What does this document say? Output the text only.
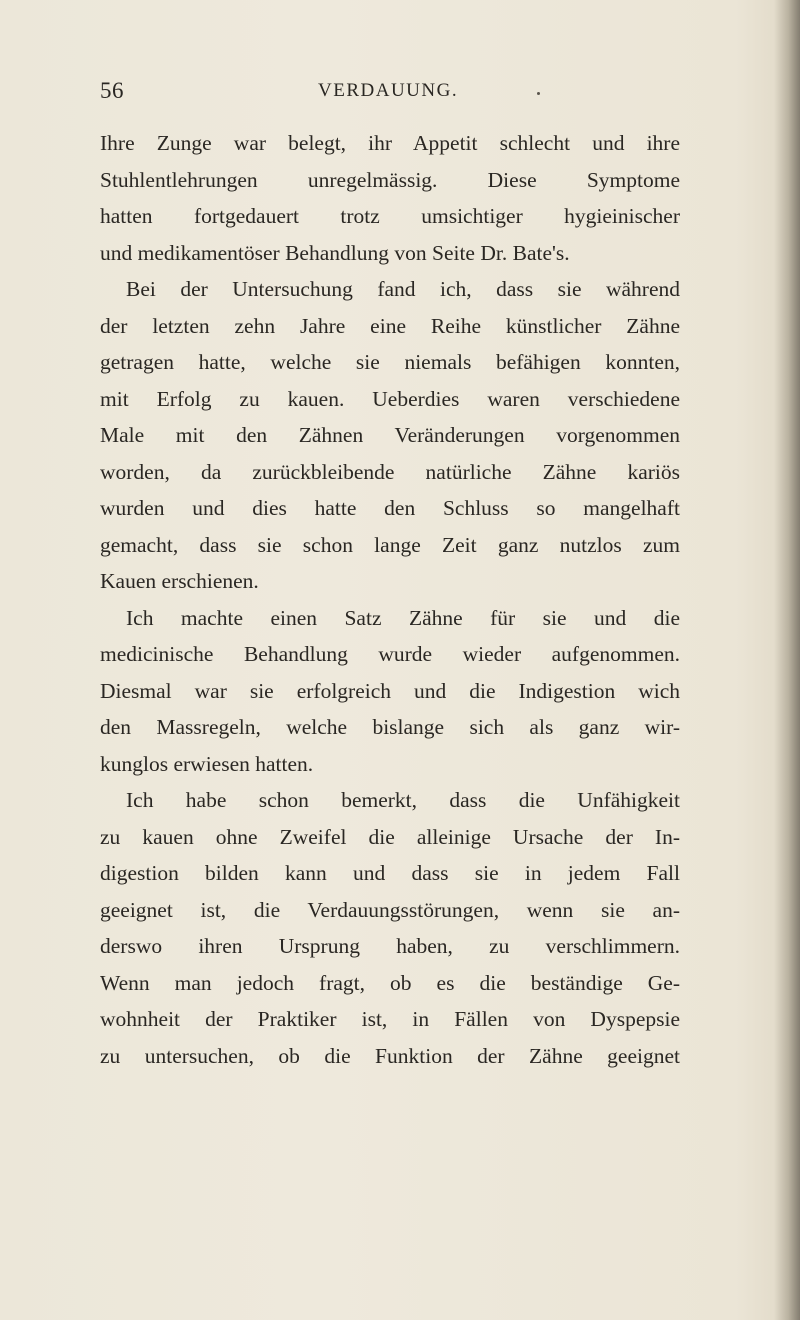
56	VERDAUUNG.
Ihre Zunge war belegt, ihr Appetit schlecht und ihre
Stuhlentlehrungen unregelmässig. Diese Symptome
hatten fortgedauert trotz umsichtiger hygieinischer
und medikamentöser Behandlung von Seite Dr. Bate's.
Bei der Untersuchung fand ich, dass sie während
der letzten zehn Jahre eine Reihe künstlicher Zähne
getragen hatte, welche sie niemals befähigen konnten,
mit Erfolg zu kauen. Ueberdies waren verschiedene
Male mit den Zähnen Veränderungen vorgenommen
worden, da zurückbleibende natürliche Zähne kariös
wurden und dies hatte den Schluss so mangelhaft
gemacht, dass sie schon lange Zeit ganz nutzlos zum
Kauen erschienen.
Ich machte einen Satz Zähne für sie und die
medicinische Behandlung wurde wieder aufgenommen.
Diesmal war sie erfolgreich und die Indigestion wich
den Massregeln, welche bislange sich als ganz wir-
kunglos erwiesen hatten.
Ich habe schon bemerkt, dass die Unfähigkeit
zu kauen ohne Zweifel die alleinige Ursache der In-
digestion bilden kann und dass sie in jedem Fall
geeignet ist, die Verdauungsstörungen, wenn sie an-
derswo ihren Ursprung haben, zu verschlimmern.
Wenn man jedoch fragt, ob es die beständige Ge-
wohnheit der Praktiker ist, in Fällen von Dyspepsie
zu untersuchen, ob die Funktion der Zähne geeignet
